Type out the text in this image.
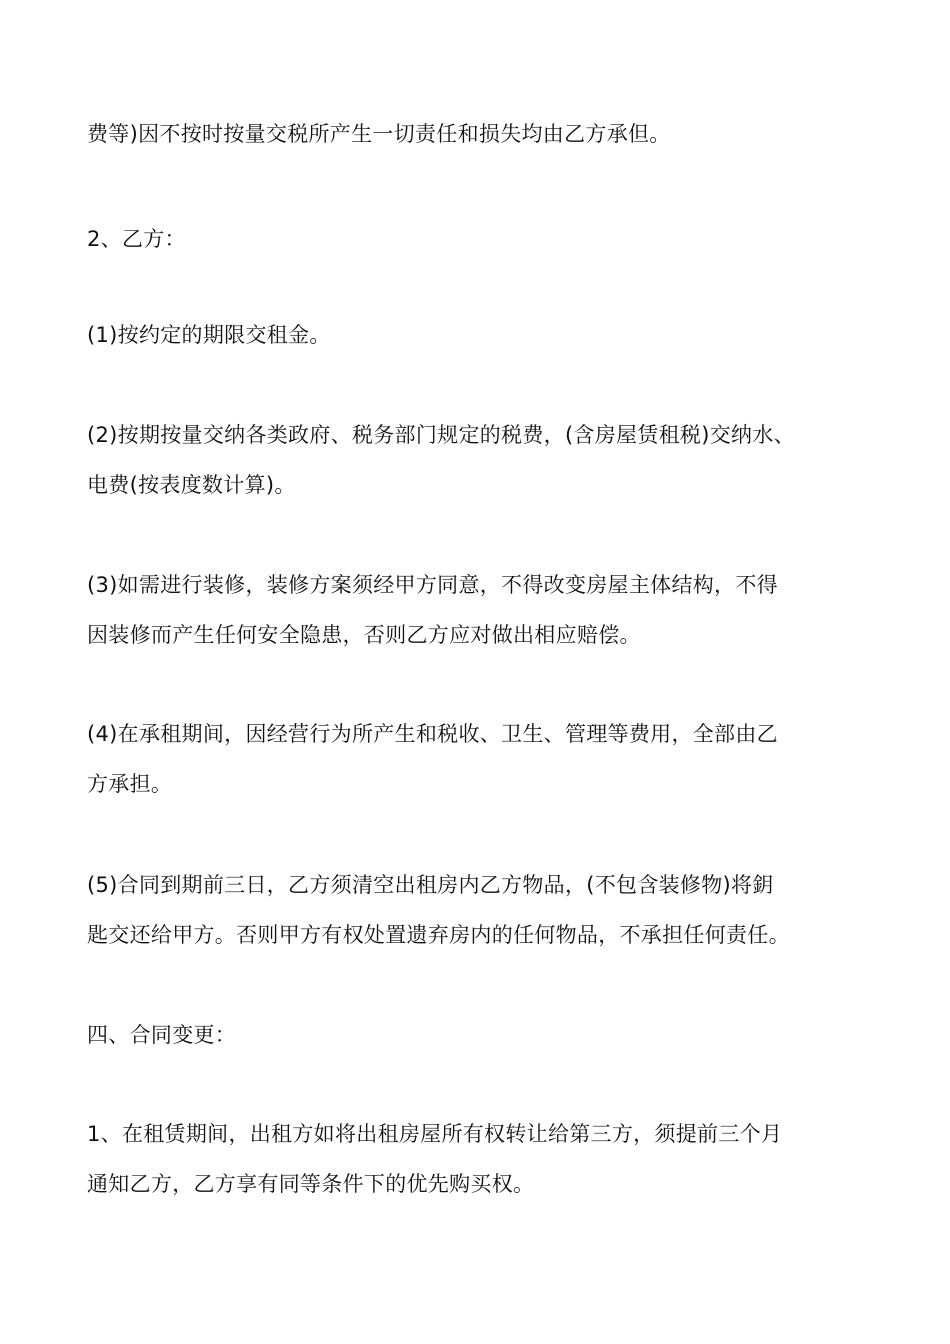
费等)因不按时按量交税所产生一切责任和损失均由乙方承但。
2、乙方：
(1)按约定的期限交租金。
(2)按期按量交纳各类政府、税务部门规定的税费，(含房屋赁租税)交纳水、
电费(按表度数计算)。
(3)如需进行装修，装修方案须经甲方同意，不得改变房屋主体结构，不得
因装修而产生任何安全隐患，否则乙方应对做出相应赔偿。
(4)在承租期间，因经营行为所产生和税收、卫生、管理等费用，全部由乙
方承担。
(5)合同到期前三日，乙方须清空出租房内乙方物品，(不包含装修物)将鈅
匙交还给甲方。否则甲方有权处置遗弃房内的任何物品，不承担任何责任。
四、合同变更：
1、在租赁期间，出租方如将出租房屋所有权转让给第三方，须提前三个月
通知乙方，乙方享有同等条件下的优先购买权。
